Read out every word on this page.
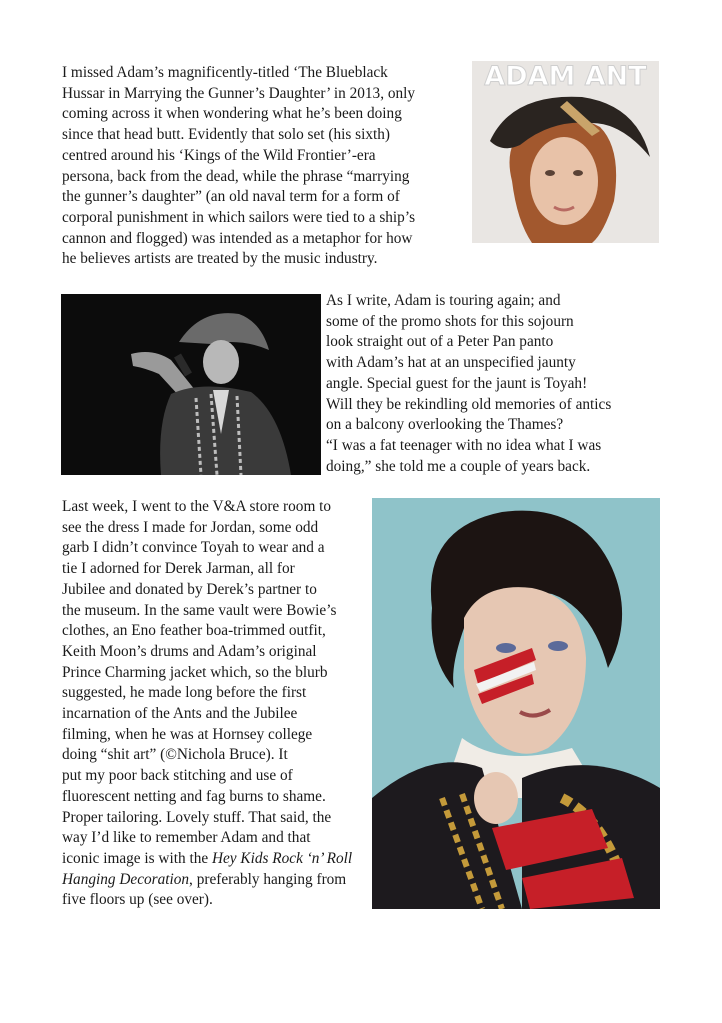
I missed Adam’s magnificently-titled ‘The Blueblack
Hussar in Marrying the Gunner’s Daughter’ in 2013, only
coming across it when wondering what he’s been doing
since that head butt. Evidently that solo set (his sixth)
centred around his ‘Kings of the Wild Frontier’-era
persona, back from the dead, while the phrase “marrying
the gunner’s daughter” (an old naval term for a form of
corporal punishment in which sailors were tied to a ship’s
cannon and flogged) was intended as a metaphor for how
he believes artists are treated by the music industry.

ADAM ANT

As I write, Adam is touring again; and
some of the promo shots for this sojourn
look straight out of a Peter Pan panto
with Adam’s hat at an unspecified jaunty
angle. Special guest for the jaunt is Toyah!
Will they be rekindling old memories of antics
on a balcony overlooking the Thames?
“I was a fat teenager with no idea what I was
doing,” she told me a couple of years back.

Last week, I went to the V&A store room to
see the dress I made for Jordan, some odd
garb I didn’t convince Toyah to wear and a
tie I adorned for Derek Jarman, all for
Jubilee and donated by Derek’s partner to
the museum. In the same vault were Bowie’s
clothes, an Eno feather boa-trimmed outfit,
Keith Moon’s drums and Adam’s original
Prince Charming jacket which, so the blurb
suggested, he made long before the first
incarnation of the Ants and the Jubilee
filming, when he was at Hornsey college
doing “shit art” (©Nichola Bruce). It
put my poor back stitching and use of
fluorescent netting and fag burns to shame.
Proper tailoring. Lovely stuff. That said, the
way I’d like to remember Adam and that
iconic image is with the Hey Kids Rock ‘n’ Roll
Hanging Decoration, preferably hanging from
five floors up (see over).
